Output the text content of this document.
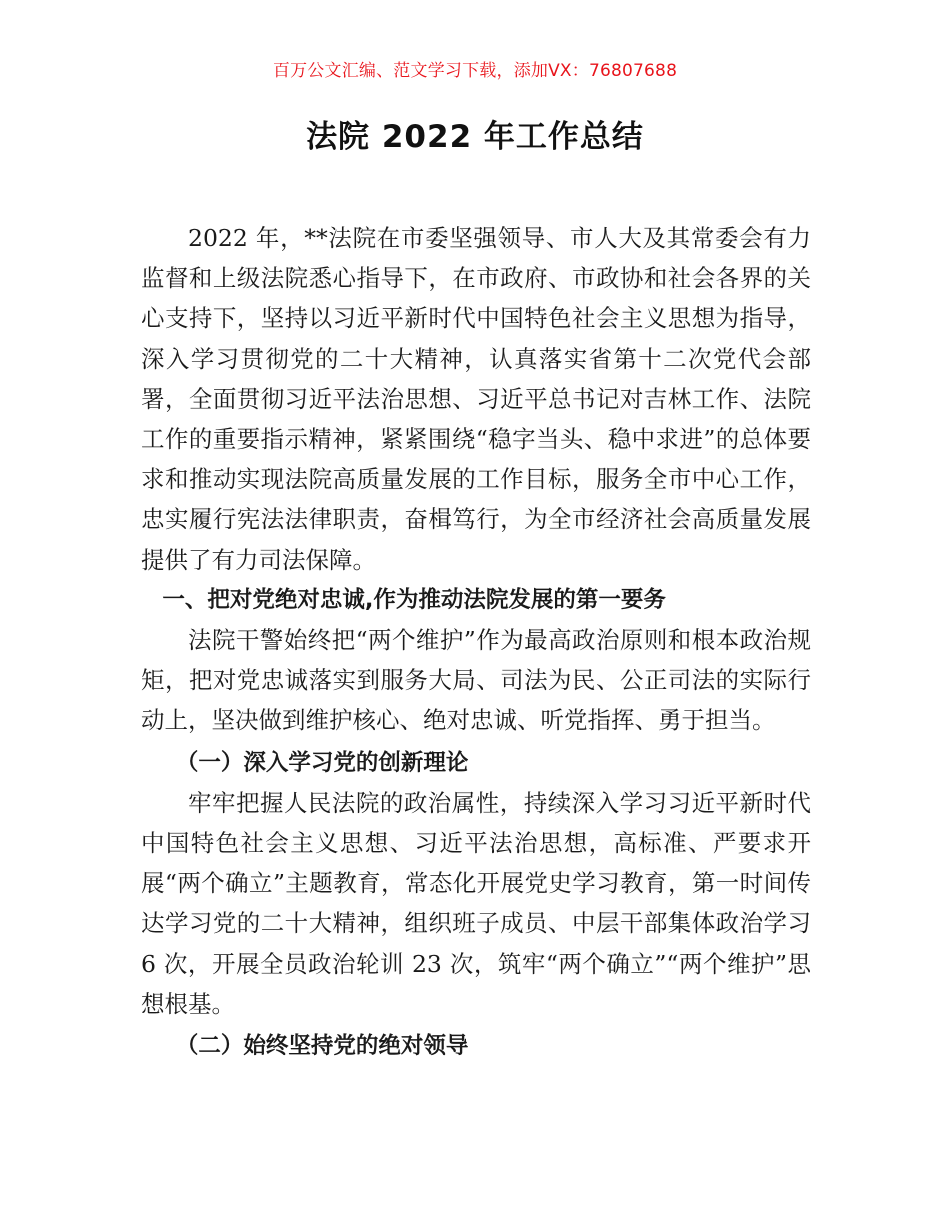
百万公文汇编、范文学习下载，添加VX：76807688
法院 2022 年工作总结

2022 年，**法院在市委坚强领导、市人大及其常委会有力监督和上级法院悉心指导下，在市政府、市政协和社会各界的关心支持下，坚持以习近平新时代中国特色社会主义思想为指导，深入学习贯彻党的二十大精神，认真落实省第十二次党代会部署，全面贯彻习近平法治思想、习近平总书记对吉林工作、法院工作的重要指示精神，紧紧围绕“稳字当头、稳中求进”的总体要求和推动实现法院高质量发展的工作目标，服务全市中心工作，忠实履行宪法法律职责，奋楫笃行，为全市经济社会高质量发展提供了有力司法保障。

一、把对党绝对忠诚,作为推动法院发展的第一要务

法院干警始终把“两个维护”作为最高政治原则和根本政治规矩，把对党忠诚落实到服务大局、司法为民、公正司法的实际行动上，坚决做到维护核心、绝对忠诚、听党指挥、勇于担当。

（一）深入学习党的创新理论

牢牢把握人民法院的政治属性，持续深入学习习近平新时代中国特色社会主义思想、习近平法治思想，高标准、严要求开展“两个确立”主题教育，常态化开展党史学习教育，第一时间传达学习党的二十大精神，组织班子成员、中层干部集体政治学习 6 次，开展全员政治轮训 23 次，筑牢“两个确立”“两个维护”思想根基。

（二）始终坚持党的绝对领导
